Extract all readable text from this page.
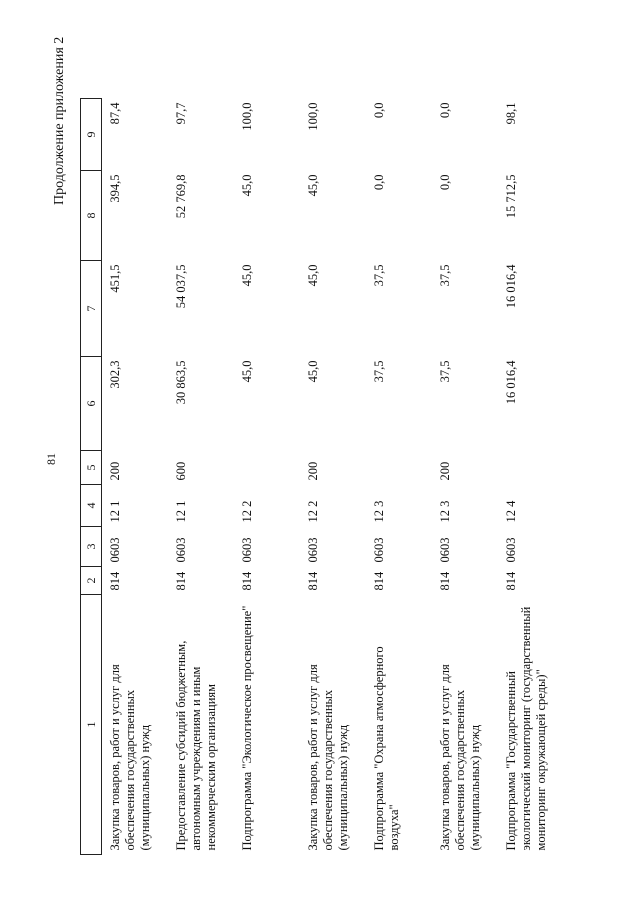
81
Продолжение приложения 2
1	2	3	4	5	6	7	8	9
Закупка товаров, работ и услуг для обеспечения государственных (муниципальных) нужд	814	0603	12 1	200	302,3	451,5	394,5	87,4
Предоставление субсидий бюджетным, автономным учреждениям и иным некоммерческим организациям	814	0603	12 1	600	30 863,5	54 037,5	52 769,8	97,7
Подпрограмма "Экологическое просвещение"	814	0603	12 2		45,0	45,0	45,0	100,0
Закупка товаров, работ и услуг для обеспечения государственных (муниципальных) нужд	814	0603	12 2	200	45,0	45,0	45,0	100,0
Подпрограмма "Охрана атмосферного воздуха"	814	0603	12 3		37,5	37,5	0,0	0,0
Закупка товаров, работ и услуг для обеспечения государственных (муниципальных) нужд	814	0603	12 3	200	37,5	37,5	0,0	0,0
Подпрограмма "Государственный экологический мониторинг (государственный мониторинг окружающей среды)"	814	0603	12 4		16 016,4	16 016,4	15 712,5	98,1
